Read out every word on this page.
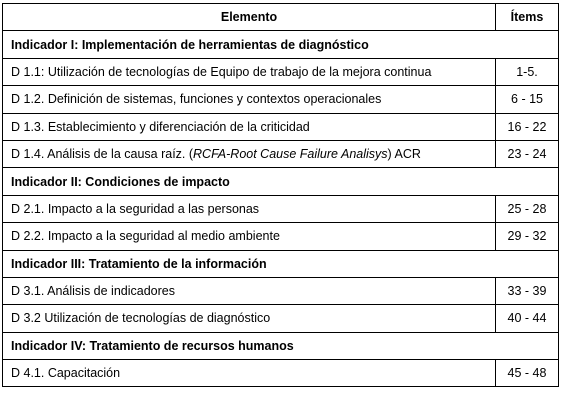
Elemento	Ítems
Indicador I: Implementación de herramientas de diagnóstico	
D 1.1: Utilización de tecnologías de Equipo de trabajo de la mejora continua	1-5.
D 1.2. Definición de sistemas, funciones y contextos operacionales	6 - 15
D 1.3. Establecimiento y diferenciación de la criticidad	16 - 22
D 1.4. Análisis de la causa raíz. (RCFA-Root Cause Failure Analisys) ACR	23 - 24
Indicador II: Condiciones de impacto	
D 2.1. Impacto a la seguridad a las personas	25 - 28
D 2.2. Impacto a la seguridad al medio ambiente	29 - 32
Indicador III: Tratamiento de la información	
D 3.1. Análisis de indicadores	33 - 39
D 3.2 Utilización de tecnologías de diagnóstico	40 - 44
Indicador IV: Tratamiento de recursos humanos	
D 4.1. Capacitación	45 - 48
